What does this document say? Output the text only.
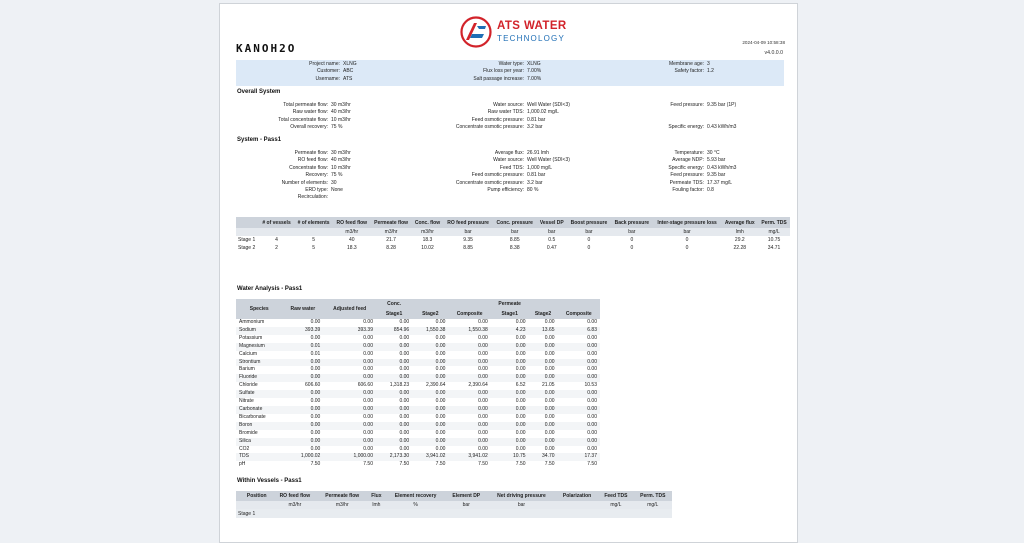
ATS WATER
TECHNOLOGY
KANOH2O	2024-04-09 10:58:38
v4.0.0.0
Project name: XLNG
Customer: ABC
Username: ATS
Water type: XLNG
Flux loss per year: 7.00%
Salt passage increase: 7.00%
Membrane age: 3
Safety factor: 1.2
Overall System
Total permeate flow: 30 m3/hr
Raw water flow: 40 m3/hr
Total concentrate flow: 10 m3/hr
Overall recovery: 75 %
Water source: Well Water (SDI<3)
Raw water TDS: 1,000.02 mg/L
Feed osmotic pressure: 0.81 bar
Concentrate osmotic pressure: 3.2 bar
Feed pressure: 9.35 bar (1P)
Specific energy: 0.43 kWh/m3
System - Pass1
Permeate flow: 30 m3/hr
RO feed flow: 40 m3/hr
Concentrate flow: 10 m3/hr
Recovery: 75 %
Number of elements: 30
ERD type: None
Recirculation:
Average flux: 26.91 lmh
Water source: Well Water (SDI<3)
Feed TDS: 1,000 mg/L
Feed osmotic pressure: 0.81 bar
Concentrate osmotic pressure: 3.2 bar
Pump efficiency: 80 %
Temperature: 30 °C
Average NDP: 5.93 bar
Specific energy: 0.43 kWh/m3
Feed pressure: 9.35 bar
Permeate TDS: 17.37 mg/L
Fouling factor: 0.8
	# of vessels	# of elements	RO feed flow	Permeate flow	Conc. flow	RO feed pressure	Conc. pressure	Vessel DP	Boost pressure	Back pressure	Inter-stage pressure loss	Average flux	Perm. TDS
			m3/hr	m3/hr	m3/hr	bar	bar	bar	bar	bar	bar	lmh	mg/L
Stage 1	4	5	40	21.7	18.3	9.35	8.85	0.5	0	0	0	29.2	10.75
Stage 2	2	5	18.3	8.28	10.02	8.85	8.38	0.47	0	0	0	22.28	34.71
Water Analysis - Pass1
Species	Raw water	Adjusted feed	Conc.			Permeate		
			Stage1	Stage2	Composite	Stage1	Stage2	Composite
Ammonium	0.00	0.00	0.00	0.00	0.00	0.00	0.00	0.00
Sodium	393.39	393.39	854.96	1,550.38	1,550.38	4.23	13.65	6.83
Potassium	0.00	0.00	0.00	0.00	0.00	0.00	0.00	0.00
Magnesium	0.01	0.00	0.00	0.00	0.00	0.00	0.00	0.00
Calcium	0.01	0.00	0.00	0.00	0.00	0.00	0.00	0.00
Strontium	0.00	0.00	0.00	0.00	0.00	0.00	0.00	0.00
Barium	0.00	0.00	0.00	0.00	0.00	0.00	0.00	0.00
Fluoride	0.00	0.00	0.00	0.00	0.00	0.00	0.00	0.00
Chloride	606.60	606.60	1,318.23	2,390.64	2,390.64	6.52	21.05	10.53
Sulfate	0.00	0.00	0.00	0.00	0.00	0.00	0.00	0.00
Nitrate	0.00	0.00	0.00	0.00	0.00	0.00	0.00	0.00
Carbonate	0.00	0.00	0.00	0.00	0.00	0.00	0.00	0.00
Bicarbonate	0.00	0.00	0.00	0.00	0.00	0.00	0.00	0.00
Boron	0.00	0.00	0.00	0.00	0.00	0.00	0.00	0.00
Bromide	0.00	0.00	0.00	0.00	0.00	0.00	0.00	0.00
Silica	0.00	0.00	0.00	0.00	0.00	0.00	0.00	0.00
CO2	0.00	0.00	0.00	0.00	0.00	0.00	0.00	0.00
TDS	1,000.02	1,000.00	2,173.30	3,941.02	3,941.02	10.75	34.70	17.37
pH	7.50	7.50	7.50	7.50	7.50	7.50	7.50	7.50
Within Vessels - Pass1
	Position	RO feed flow	Permeate flow	Flux	Element recovery	Element DP	Net driving pressure	Polarization	Feed TDS	Perm. TDS
		m3/hr	m3/hr	lmh	%	bar	bar		mg/L	mg/L
Stage 1										
